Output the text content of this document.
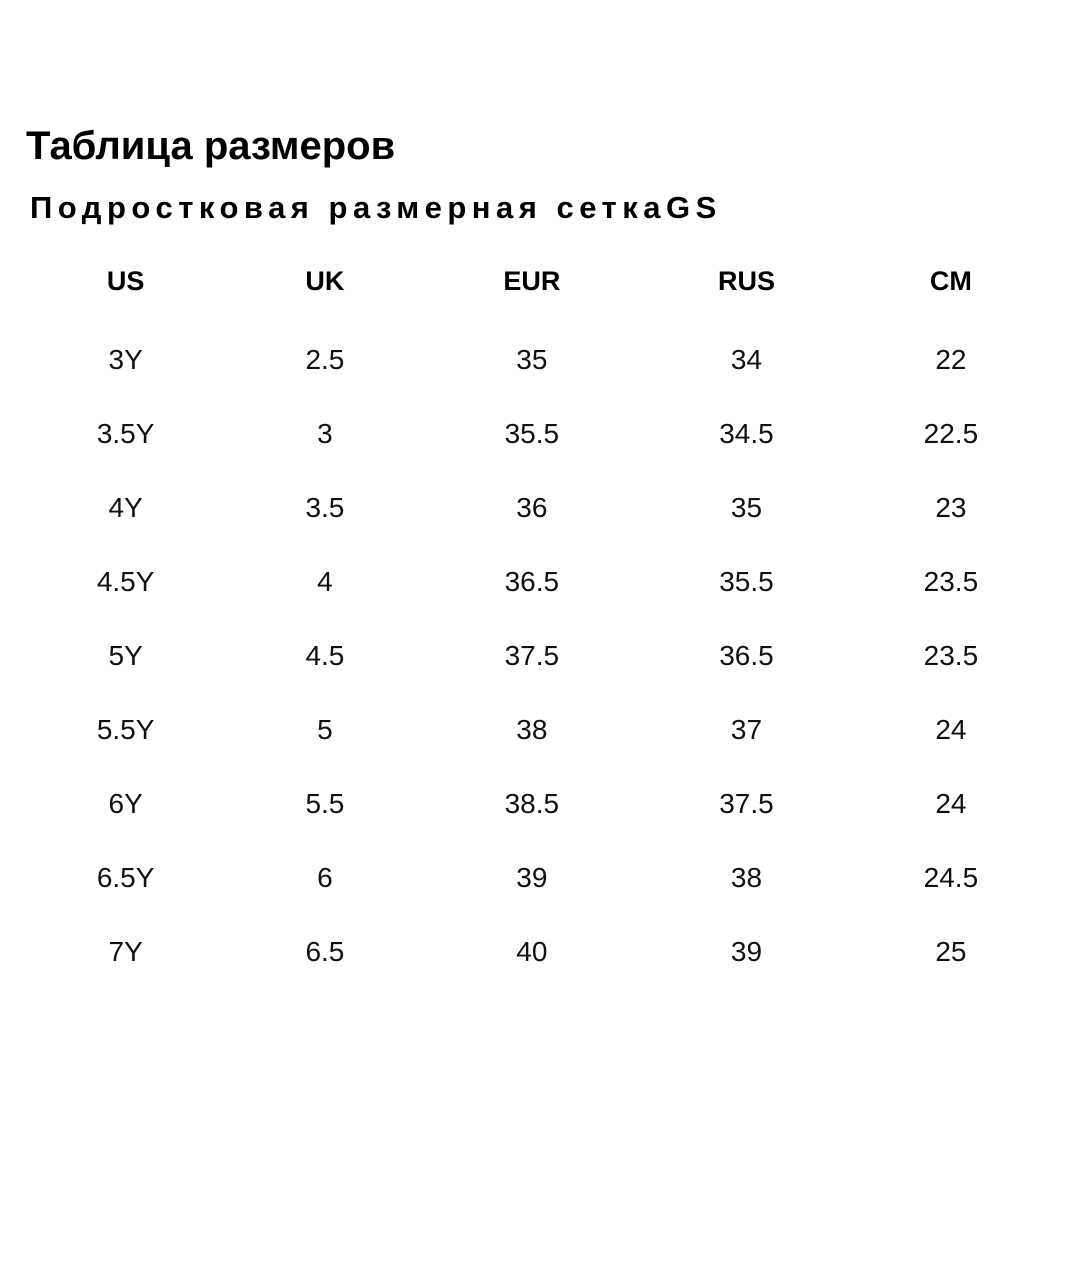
Таблица размеров
Подростковая размерная сеткаGS
US	UK	EUR	RUS	CM
3Y	2.5	35	34	22
3.5Y	3	35.5	34.5	22.5
4Y	3.5	36	35	23
4.5Y	4	36.5	35.5	23.5
5Y	4.5	37.5	36.5	23.5
5.5Y	5	38	37	24
6Y	5.5	38.5	37.5	24
6.5Y	6	39	38	24.5
7Y	6.5	40	39	25
